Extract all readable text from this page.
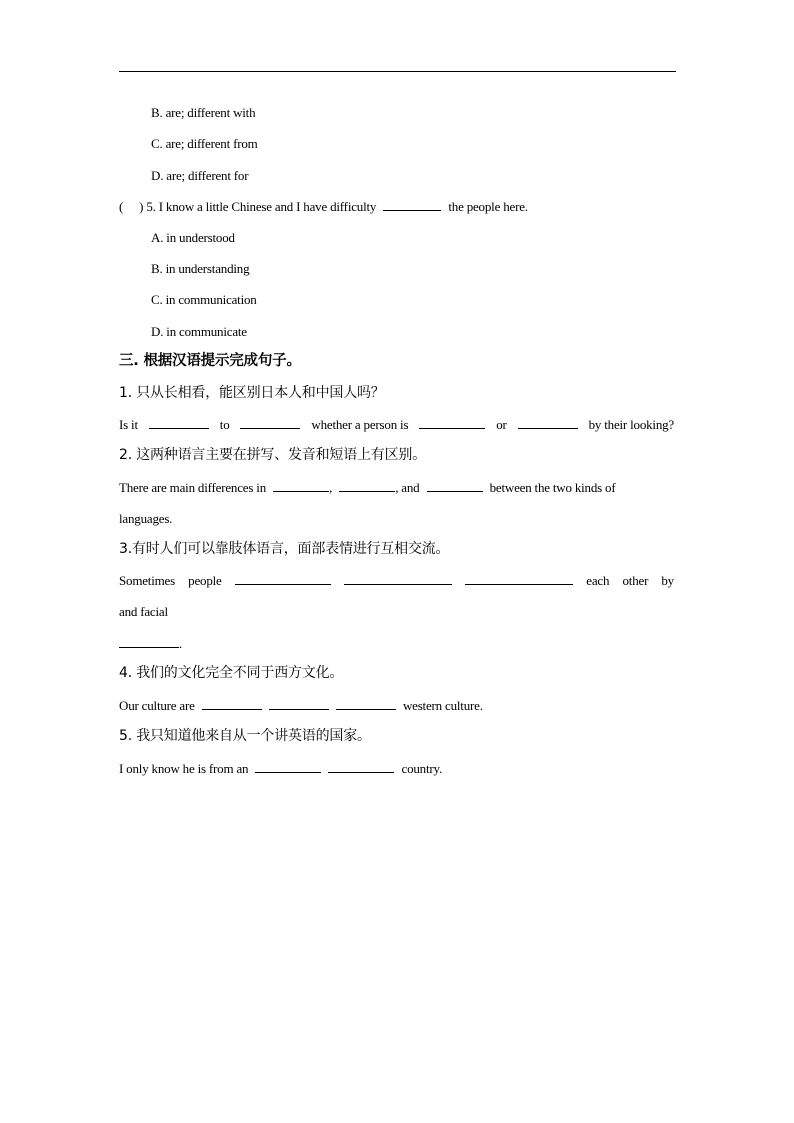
B. are; different with
C. are; different from
D. are; different for
( ) 5. I know a little Chinese and I have difficulty	the people here.
A. in understood
B. in understanding
C. in communication
D. in communicate
三. 根据汉语提示完成句子。
1. 只从长相看，能区别日本人和中国人吗？
Is it	to	whether a person is	or	by their looking?
2. 这两种语言主要在拼写、发音和短语上有区别。
There are main differences in	,	, and	between the two kinds of
languages.
3.有时人们可以靠肢体语言，面部表情进行互相交流。
Sometimes people	each other by
and facial
.
4. 我们的文化完全不同于西方文化。
Our culture are	western culture.
5. 我只知道他来自从一个讲英语的国家。
I only know he is from an	country.
